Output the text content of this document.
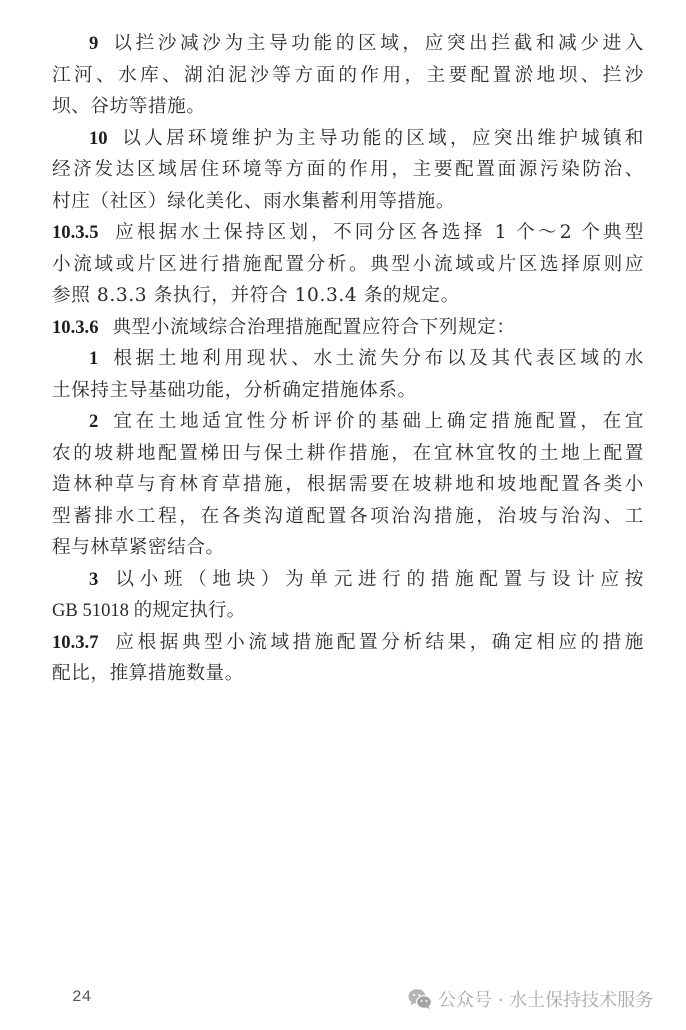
9 以拦沙减沙为主导功能的区域，应突出拦截和减少进入
江河、水库、湖泊泥沙等方面的作用，主要配置淤地坝、拦沙
坝、谷坊等措施。
10 以人居环境维护为主导功能的区域，应突出维护城镇和
经济发达区域居住环境等方面的作用，主要配置面源污染防治、
村庄（社区）绿化美化、雨水集蓄利用等措施。
10.3.5 应根据水土保持区划，不同分区各选择 1 个～2 个典型
小流域或片区进行措施配置分析。典型小流域或片区选择原则应
参照 8.3.3 条执行，并符合 10.3.4 条的规定。
10.3.6 典型小流域综合治理措施配置应符合下列规定：
1 根据土地利用现状、水土流失分布以及其代表区域的水
土保持主导基础功能，分析确定措施体系。
2 宜在土地适宜性分析评价的基础上确定措施配置，在宜
农的坡耕地配置梯田与保土耕作措施，在宜林宜牧的土地上配置
造林种草与育林育草措施，根据需要在坡耕地和坡地配置各类小
型蓄排水工程，在各类沟道配置各项治沟措施，治坡与治沟、工
程与林草紧密结合。
3 以小班（地块）为单元进行的措施配置与设计应按
GB 51018 的规定执行。
10.3.7 应根据典型小流域措施配置分析结果，确定相应的措施
配比，推算措施数量。
24	公众号 · 水土保持技术服务
